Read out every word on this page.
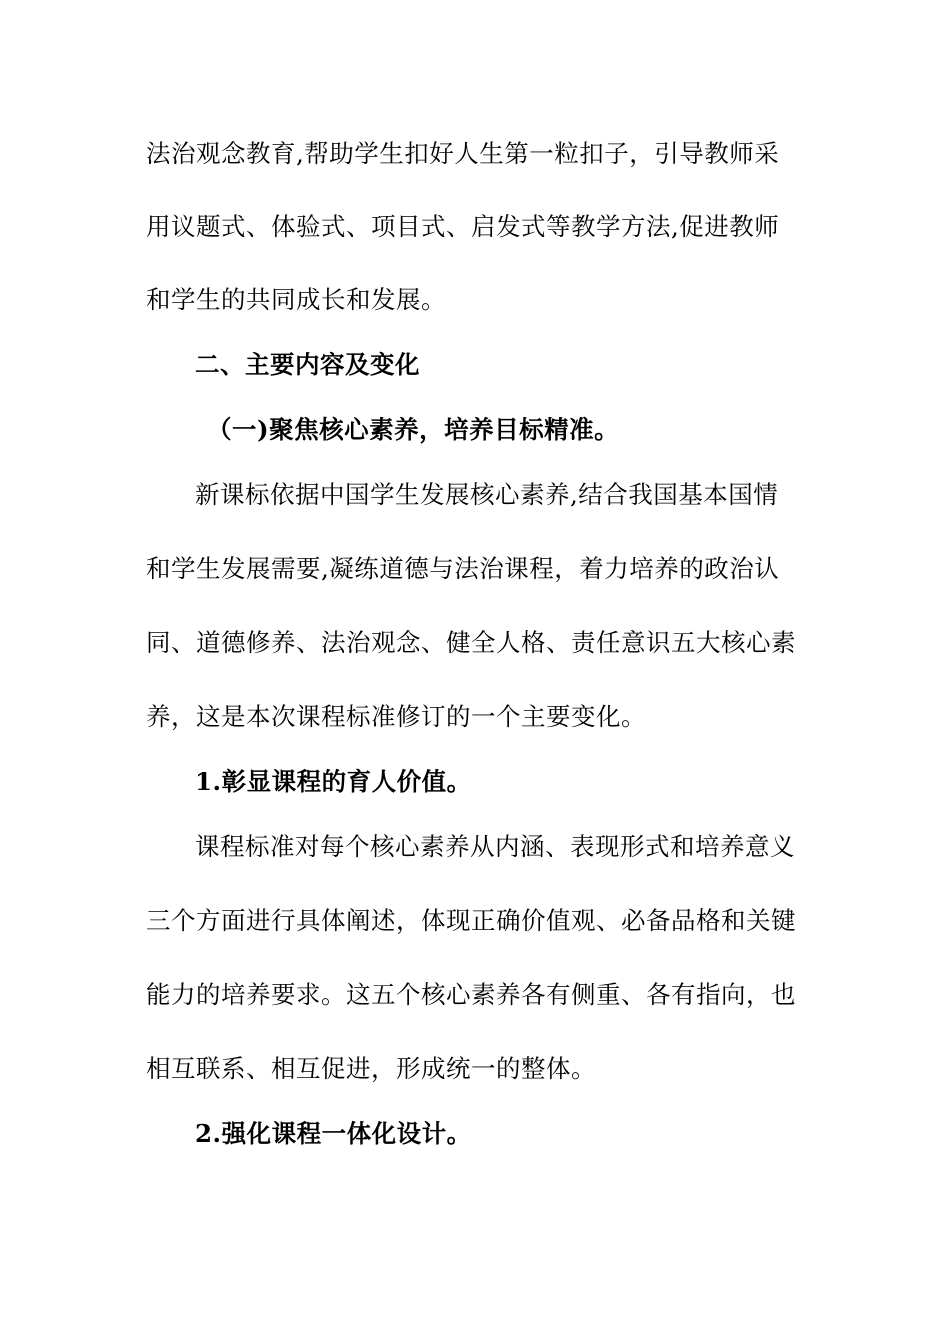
法治观念教育,帮助学生扣好人生第一粒扣子，引导教师采
用议题式、体验式、项目式、启发式等教学方法,促进教师
和学生的共同成长和发展。
二、主要内容及变化
（一)聚焦核心素养，培养目标精准。
新课标依据中国学生发展核心素养,结合我国基本国情
和学生发展需要,凝练道德与法治课程，着力培养的政治认
同、道德修养、法治观念、健全人格、责任意识五大核心素
养，这是本次课程标准修订的一个主要变化。
1.彰显课程的育人价值。
课程标准对每个核心素养从内涵、表现形式和培养意义
三个方面进行具体阐述，体现正确价值观、必备品格和关键
能力的培养要求。这五个核心素养各有侧重、各有指向，也
相互联系、相互促进，形成统一的整体。
2.强化课程一体化设计。
